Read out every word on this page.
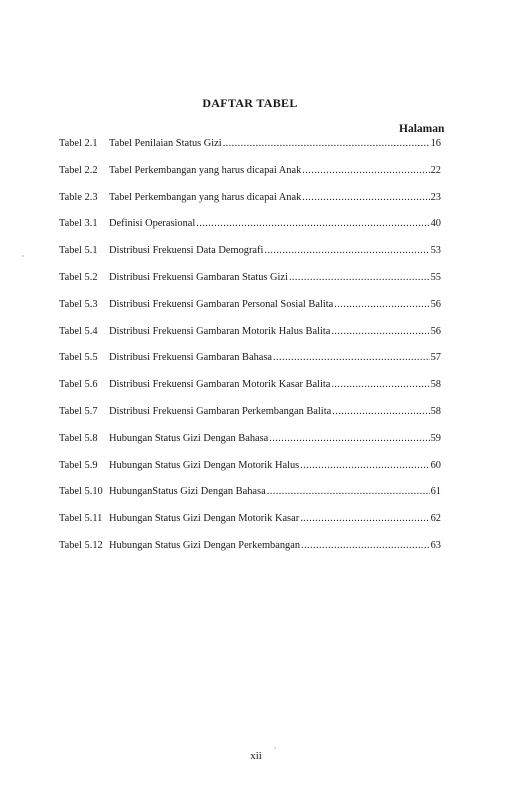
DAFTAR TABEL
Halaman
Tabel 2.1	Tabel Penilaian Status Gizi .....	16
Tabel 2.2	Tabel Perkembangan yang harus dicapai Anak .....	22
Table 2.3	Tabel Perkembangan yang harus dicapai Anak .....	23
Tabel 3.1	Definisi Operasional .....	40
Tabel 5.1	Distribusi Frekuensi Data Demografi .....	53
Tabel 5.2	Distribusi Frekuensi Gambaran Status Gizi .....	55
Tabel 5.3	Distribusi Frekuensi Gambaran Personal Sosial Balita .....	56
Tabel 5.4	Distribusi Frekuensi Gambaran Motorik Halus Balita .....	56
Tabel 5.5	Distribusi Frekuensi Gambaran Bahasa .....	57
Tabel 5.6	Distribusi Frekuensi Gambaran Motorik Kasar Balita .....	58
Tabel 5.7	Distribusi Frekuensi Gambaran Perkembangan Balita .....	58
Tabel 5.8	Hubungan Status Gizi Dengan Bahasa .....	59
Tabel 5.9	Hubungan Status Gizi Dengan Motorik Halus .....	60
Tabel 5.10 HubunganStatus Gizi Dengan Bahasa .....	61
Tabel 5.11 Hubungan Status Gizi Dengan Motorik Kasar .....	62
Tabel 5.12 Hubungan Status Gizi Dengan Perkembangan .....	63
xii
